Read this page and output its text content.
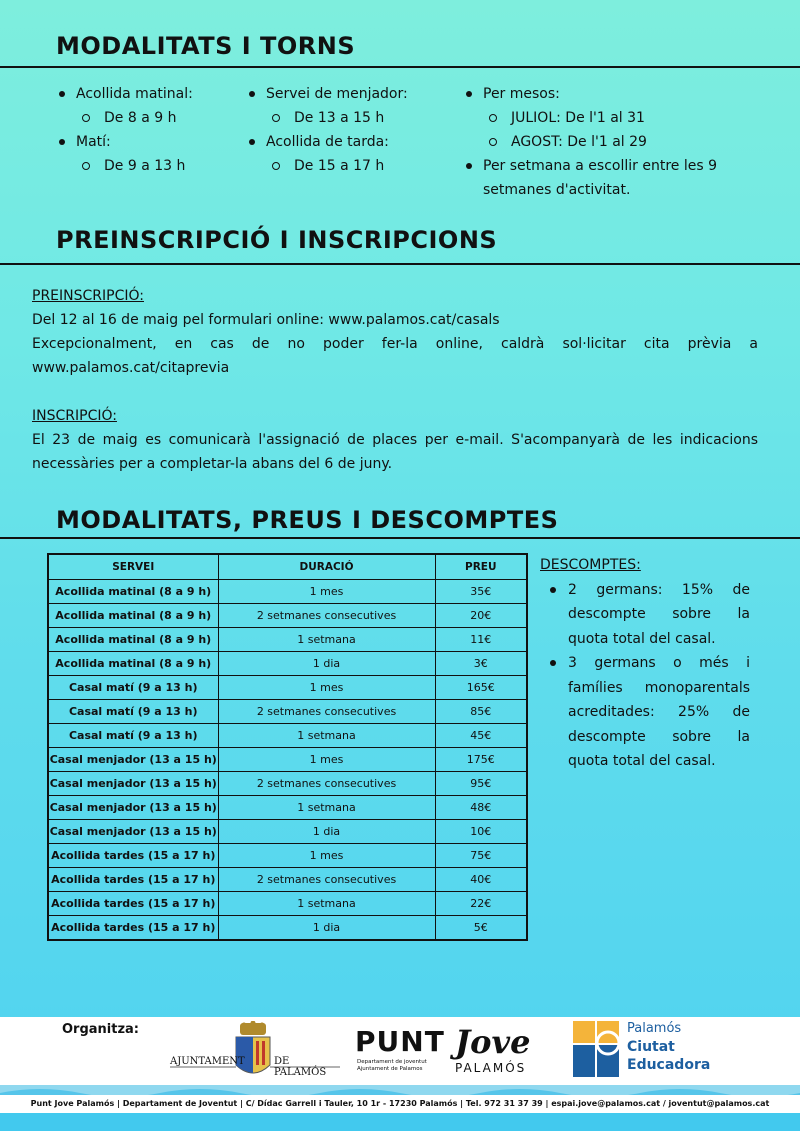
MODALITATS I TORNS
Acollida matinal:
De 8 a 9 h
Matí:
De 9 a 13 h
Servei de menjador:
De 13 a 15 h
Acollida de tarda:
De 15 a 17 h
Per mesos:
JULIOL: De l'1 al 31
AGOST: De l'1 al 29
Per setmana a escollir entre les 9 setmanes d'activitat.
PREINSCRIPCIÓ I INSCRIPCIONS
PREINSCRIPCIÓ:
Del 12 al 16 de maig pel formulari online: www.palamos.cat/casals
Excepcionalment, en cas de no poder fer-la online, caldrà sol·licitar cita prèvia a www.palamos.cat/citaprevia
INSCRIPCIÓ:
El 23 de maig es comunicarà l'assignació de places per e-mail. S'acompanyarà de les indicacions necessàries per a completar-la abans del 6 de juny.
MODALITATS, PREUS I DESCOMPTES
SERVEI	DURACIÓ	PREU
Acollida matinal (8 a 9 h)	1 mes	35€
Acollida matinal (8 a 9 h)	2 setmanes consecutives	20€
Acollida matinal (8 a 9 h)	1 setmana	11€
Acollida matinal (8 a 9 h)	1 dia	3€
Casal matí (9 a 13 h)	1 mes	165€
Casal matí (9 a 13 h)	2 setmanes consecutives	85€
Casal matí (9 a 13 h)	1 setmana	45€
Casal menjador (13 a 15 h)	1 mes	175€
Casal menjador (13 a 15 h)	2 setmanes consecutives	95€
Casal menjador (13 a 15 h)	1 setmana	48€
Casal menjador (13 a 15 h)	1 dia	10€
Acollida tardes (15 a 17 h)	1 mes	75€
Acollida tardes (15 a 17 h)	2 setmanes consecutives	40€
Acollida tardes (15 a 17 h)	1 setmana	22€
Acollida tardes (15 a 17 h)	1 dia	5€
DESCOMPTES:
2 germans: 15% de descompte sobre la quota total del casal.
3 germans o més i famílies monoparentals acreditades: 25% de descompte sobre la quota total del casal.
Organitza:
AJUNTAMENT	DE PALAMÓS
PUNT Jove
Departament de joventut
Ajuntament de Palamos	PALAMÓS
Palamós
Ciutat
Educadora
Punt Jove Palamós | Departament de Joventut | C/ Dídac Garrell i Tauler, 10 1r - 17230 Palamós | Tel. 972 31 37 39 | espai.jove@palamos.cat / joventut@palamos.cat
